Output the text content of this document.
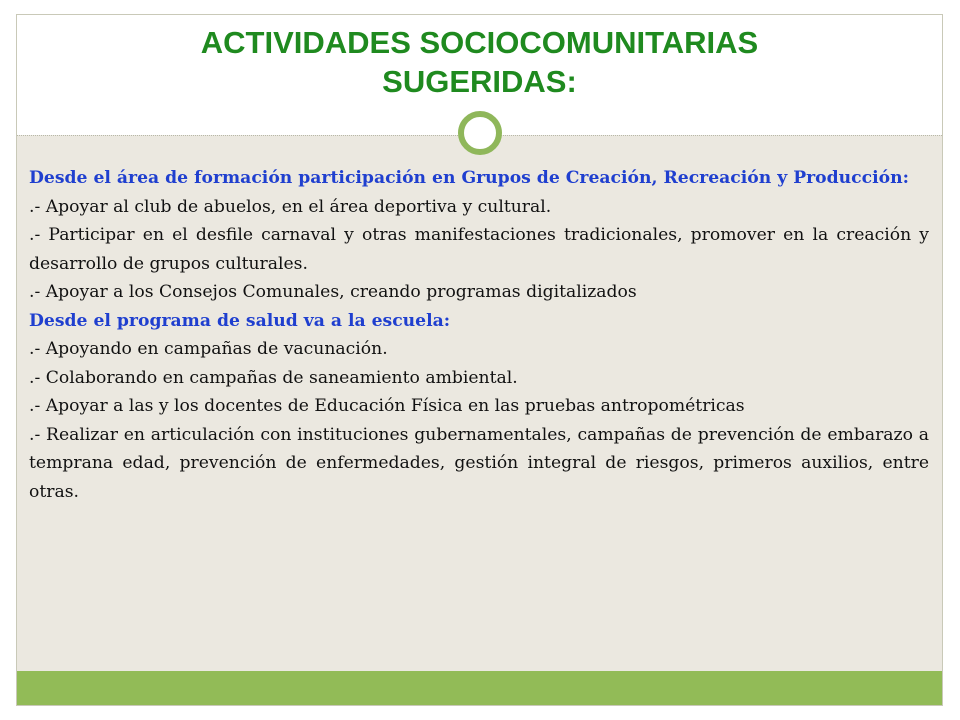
ACTIVIDADES SOCIOCOMUNITARIAS
SUGERIDAS:

Desde el área de formación participación en Grupos de Creación, Recreación y Producción:

.- Apoyar al club de abuelos, en el área deportiva y cultural.

.- Participar en el desfile carnaval y otras manifestaciones tradicionales, promover en la creación y desarrollo de grupos culturales.

.- Apoyar a los Consejos Comunales, creando programas digitalizados

Desde el programa de salud va a la escuela:

.- Apoyando en campañas de vacunación.

.- Colaborando en campañas de saneamiento ambiental.

.- Apoyar a las y los docentes de Educación Física en las pruebas antropométricas

.- Realizar en articulación con instituciones gubernamentales, campañas de prevención de embarazo a temprana edad, prevención de enfermedades, gestión integral de riesgos, primeros auxilios, entre otras.
